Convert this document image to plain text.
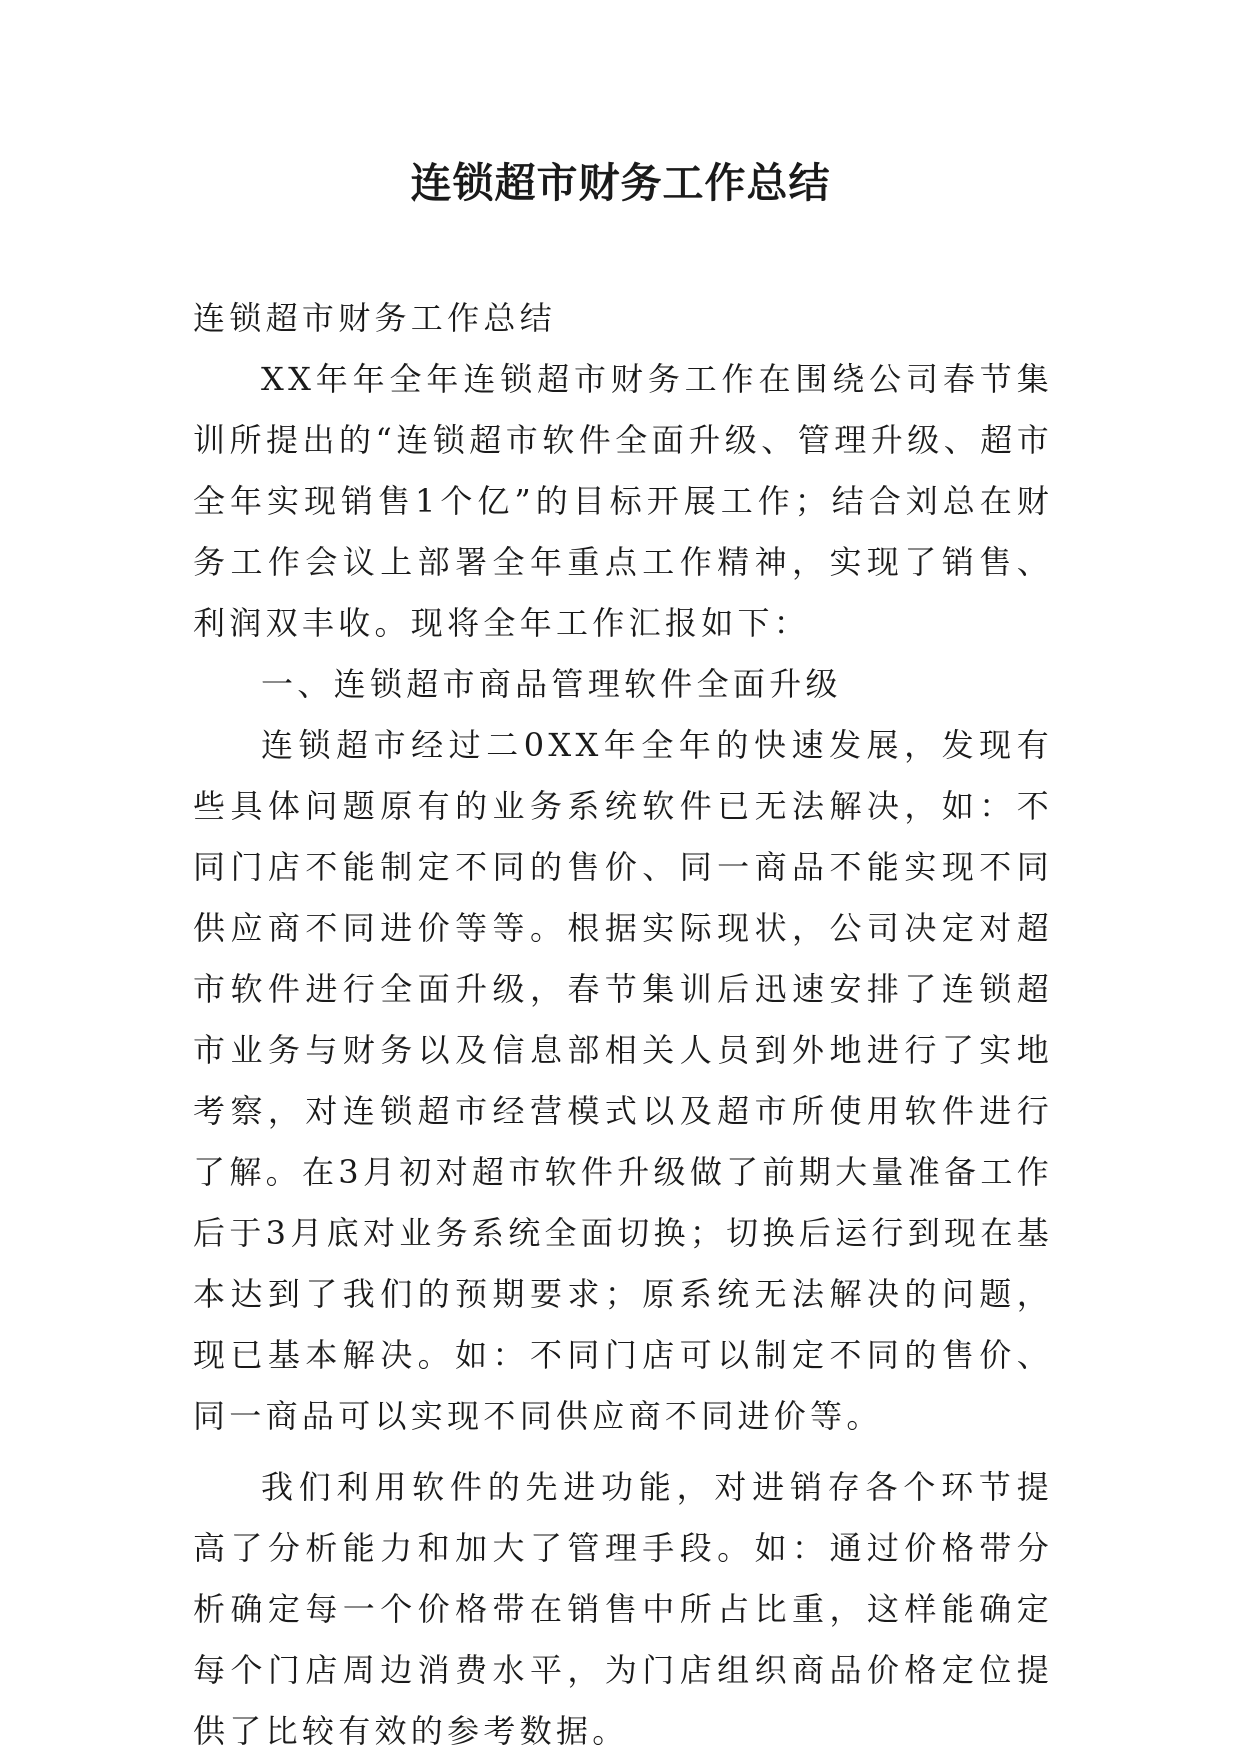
连锁超市财务工作总结

连锁超市财务工作总结

XX年年全年连锁超市财务工作在围绕公司春节集训所提出的“连锁超市软件全面升级、管理升级、超市全年实现销售1个亿”的目标开展工作；结合刘总在财务工作会议上部署全年重点工作精神，实现了销售、利润双丰收。现将全年工作汇报如下：

一、连锁超市商品管理软件全面升级

连锁超市经过二0XX年全年的快速发展，发现有些具体问题原有的业务系统软件已无法解决，如：不同门店不能制定不同的售价、同一商品不能实现不同供应商不同进价等等。根据实际现状，公司决定对超市软件进行全面升级，春节集训后迅速安排了连锁超市业务与财务以及信息部相关人员到外地进行了实地考察，对连锁超市经营模式以及超市所使用软件进行了解。在3月初对超市软件升级做了前期大量准备工作后于3月底对业务系统全面切换；切换后运行到现在基本达到了我们的预期要求；原系统无法解决的问题，现已基本解决。如：不同门店可以制定不同的售价、同一商品可以实现不同供应商不同进价等。

我们利用软件的先进功能，对进销存各个环节提高了分析能力和加大了管理手段。如：通过价格带分析确定每一个价格带在销售中所占比重，这样能确定每个门店周边消费水平，为门店组织商品价格定位提供了比较有效的参考数据。
